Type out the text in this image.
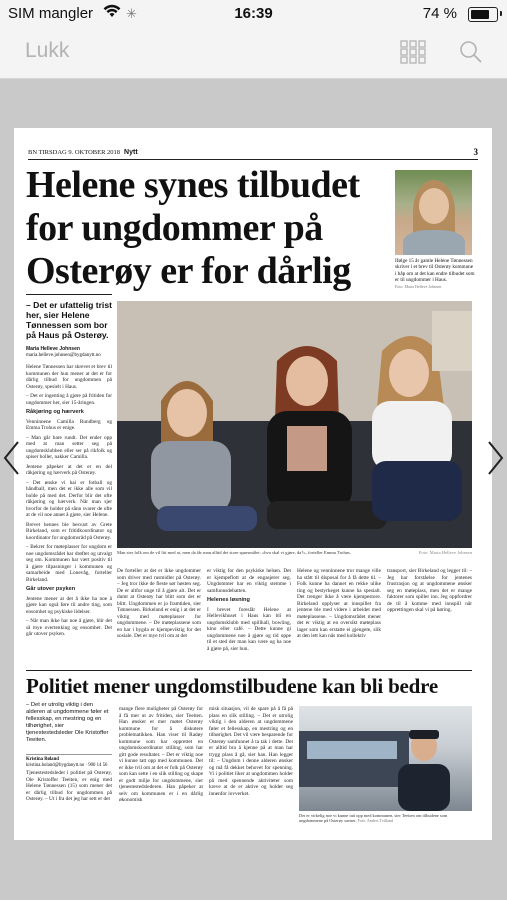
SIM mangler	✳	16:39	74 %
Lukk
BN TIRSDAG 9. OKTOBER 2018 Nytt	3
Helene synes tilbudet for ungdommer på Osterøy er for dårlig	Ifølge 15 år gamle Helene Tønnessen skriver i et brev til Osterøy kommune i håp om at det kan endre tilbudet som er til ungdommer i Haus.
Foto: Maria Helleve Johnsen
– Det er ufattelig trist her, sier Helene Tønnessen som bor på Haus på Osterøy.
Maria Helleve Johnsen
maria.helleve.johnsen@bygdanytt.no

Helene Tønnessen har skrevet et brev til kommunen der hun mener at det er for dårlig tilbud for ungdommen på Osterøy, spesielt i Haus.

– Det er ingenting å gjøre på fritiden for ungdommer her, sier 15-åringen.

Råkjøring og hærverk

Venninnene Camilla Rundberg og Emma Trohus er enige.

– Man går bare rundt. Det ender opp med at man setter seg på ungdomsklubben eller ser på rikfolk og spiser boller, nakker Camilla.

Jentene påpeker at det er en del råkjøring og hærverk på Osterøy.

– Det ønske vi hai er fotball og håndball, men det er ikke alle som vil holde på med det. Derfor blir det ofte råkjøring og hærverk. Når man sjer hvorfor de holder på sånn svarer de ofte at de vil noe annet å gjøre, sier Helene.

Brevet hennes ble besvart av Grete Birkeland, som er fritidkoordinator og koordinator for ungdomsråd på Osterøy.

– Bekrer for møteplasser for ungdom er noe ungdomsrådet har drøftet og utvalgt seg om. Kommunen har vært positiv til å gjøre tilpasninger i kommunen og samarbeide med Lonevåg, forteller Birkeland.

Går utover psyken

Jentene mener at det å ikke ha noe å gjøre kan også føre til andre ting, som ensomhet og psykiske lidelser.

– Når man ikke har noe å gjøre, blir det så mye overtenking og ensomhet. Det går utover psyken.

Man sier folk om de vil litt med at, men da får man alltid det store spørsmålet: «hva skal vi gjøre, da?», forteller Emma Trohus.	Foto: Maria Helleve Johnsen

De forteller at det er ikke ungdommer som driver med rusmidler på Osterøy. – Jeg tror ikke de fleste sør høsten seg. De er altfor unge til å gjøre alt. Det er dumt at Osterøy har blitt som det er blitt. Ungdommen er jo framtiden, sier Tønnessen. Birkeland er enig i at det er viktig med møteplasser for ungdommene. – De møteplassene som en har i bygda er kjempeviktig for det sosiale. Det er mye tvil om at det

er viktig for den psykiske helsen. Det er kjempeflott at de engasjerer seg. Ungdommer har en viktig stemme i samfunnsdebatten.

Helenes løsning

I brevet foreslår Helene at Hellevikhuset i Haus kan bli en ungdomsklubb med spillhall, bowling, kino eller café. – Dette kunne gi ungdommene noe å gjøre og tid oppe til et sted der man kan være og ha noe å gjøre på, sier hun.

Helene og venninnene tror mange ville ha stått til disposal for å få dette til. – Folk kunne ha dannet en rekke ulike ting og bestyrkeget kunne ha spesialt. Det trenger ikke å være kjempestore. Birkeland opplyser at innspillet fra jentene ble med videre i arbeidet med møteplassene. – Ungdomsrådet mener det er viktig at en oversikt møteplass lager som kan erstatte ei gjengete, slik at den lett kan nås med kollektiv

transport, sier Birkeland og legger til: – Jeg har forståelse for jentenes frustrasjon og at ungdommene ønsker seg en møteplass, men det er mange faktorer som spiller inn. Jeg oppfordrer de til å komme med innspill når opprettingen skal vi på høring.

Politiet mener ungdomstilbudene kan bli bedre
– Det er utrolig viktig i den alderen at ungdommene føler et fellesskap, en mestring og en tilhørighet, sier tjenestestedsleder Ole Kristoffer Teeiten.
Kristina Bøland
kristina.boland@bygdanytt.no · 900 14 56

Tjenestestedsleder i politiet på Osterøy, Ole Kristoffer Teeiten, er enig med Helene Tønnessen (15) som mener det er dårlig tilbud for ungdommen på Osterøy. – Ut i fra det jeg har sett er det

mange flere muligheter på Osterøy for å få mer ut av fritiden, sier Teeiten. Han ønsker et mer møtet Osterøy kommune for å diskutere problematikken. Han viser til Radøy kommune som har opprettet en ungdomskoordinator stilling, som har gitt gode resultater. – Det er viktig noe vi kunne tatt opp med kommunen. Det er ikke tvil om at det er folk på Osterøy som kan sette i en slik stilling og skape et godt miljø for ungdommene, sier tjenestestedslederen. Han påpeker at selv om kommunen er i en dårlig økonomisk

misk situasjon, vil de spare på å få på plass en slik stilling. – Det er utrolig viktig i den alderen at ungdommene føler et fellesskap, en mestring og en tilhørighet. Det vil være besparende for Osterøy samfunnet å ta tak i dette. Det er alltid bra å kjenne på at man har trygg plass å gå, sier han. Han legger til: – Ungdom i denne alderen ønsker og må få dekket behovet for spenning. Vi i politiet liker at ungdommen holder på med spennende aktiviteter som kreve at de er aktive og holder seg innenfor lovverket.

Det er virkelig noe vi kunne tatt opp med kommunen, sier Teeiten om tilbudene som ungdommene på Osterøy savner. Foto: Anders Tvilland
